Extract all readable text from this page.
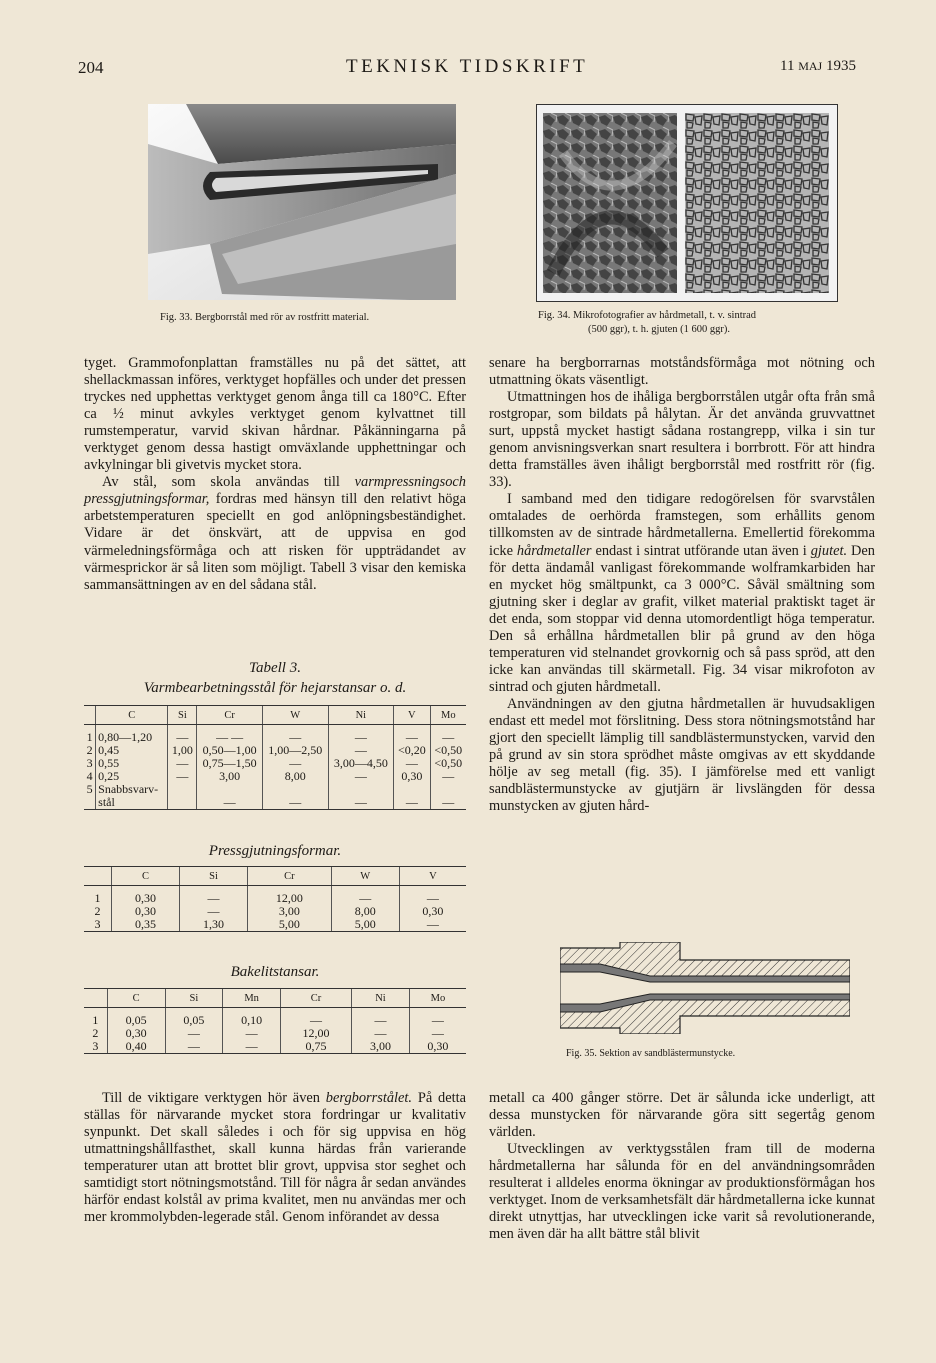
204	TEKNISK TIDSKRIFT	11 MAJ 1935
Fig. 33. Bergborrstål med rör av rostfritt material.	Fig. 34. Mikrofotografier av hårdmetall, t. v. sintrad
(500 ggr), t. h. gjuten (1 600 ggr).

tyget. Grammofonplattan framställes nu på det sättet, att shellackmassan införes, verktyget hopfälles och under det pressen tryckes ned upphettas verktyget genom ånga till ca 180°C. Efter ca ½ minut avkyles verktyget genom kylvattnet till rumstemperatur, varvid skivan hårdnar. Påkänningarna på verktyget genom dessa hastigt omväxlande upphettningar och avkylningar bli givetvis mycket stora.

Av stål, som skola användas till varmpressningsoch pressgjutningsformar, fordras med hänsyn till den relativt höga arbetstemperaturen speciellt en god anlöpningsbeständighet. Vidare är det önskvärt, att de uppvisa en god värmeledningsförmåga och att risken för uppträdandet av värmesprickor är så liten som möjligt. Tabell 3 visar den kemiska sammansättningen av en del sådana stål.

Tabell 3.
Varmbearbetningsstål för hejarstansar o. d.
	C	Si	Cr	W	Ni	V	Mo

1	0,80—1,20	—	— —	—	—	—	—
2	0,45	1,00	0,50—1,00	1,00—2,50	—	<0,20	<0,50
3	0,55	—	0,75—1,50	—	3,00—4,50	—	<0,50
4	0,25	—	3,00	8,00	—	0,30	—
5	Snabbsvarv-						
	stål		—	—	—	—	—
Pressgjutningsformar.
	C	Si	Cr	W	V

1	0,30	—	12,00	—	—
2	0,30	—	3,00	8,00	0,30
3	0,35	1,30	5,00	5,00	—
Bakelitstansar.
	C	Si	Mn	Cr	Ni	Mo

1	0,05	0,05	0,10	—	—	—
2	0,30	—	—	12,00	—	—
3	0,40	—	—	0,75	3,00	0,30

Till de viktigare verktygen hör även bergborrstålet. På detta ställas för närvarande mycket stora fordringar ur kvalitativ synpunkt. Det skall således i och för sig uppvisa en hög utmattningshållfasthet, skall kunna härdas från varierande temperaturer utan att brottet blir grovt, uppvisa stor seghet och samtidigt stort nötningsmotstånd. Till för några år sedan användes härför endast kolstål av prima kvalitet, men nu användas mer och mer krommolybden-legerade stål. Genom införandet av dessa

senare ha bergborrarnas motståndsförmåga mot nötning och utmattning ökats väsentligt.

Utmattningen hos de ihåliga bergborrstålen utgår ofta från små rostgropar, som bildats på hålytan. Är det använda gruvvattnet surt, uppstå mycket hastigt sådana rostangrepp, vilka i sin tur genom anvisningsverkan snart resultera i borrbrott. För att hindra detta framställes även ihåligt bergborrstål med rostfritt rör (fig. 33).

I samband med den tidigare redogörelsen för svarvstålen omtalades de oerhörda framstegen, som erhållits genom tillkomsten av de sintrade hårdmetallerna. Emellertid förekomma icke hårdmetaller endast i sintrat utförande utan även i gjutet. Den för detta ändamål vanligast förekommande wolframkarbiden har en mycket hög smältpunkt, ca 3 000°C. Såväl smältning som gjutning sker i deglar av grafit, vilket material praktiskt taget är det enda, som stoppar vid denna utomordentligt höga temperatur. Den så erhållna hårdmetallen blir på grund av den höga temperaturen vid stelnandet grovkornig och så pass spröd, att den icke kan användas till skärmetall. Fig. 34 visar mikrofoton av sintrad och gjuten hårdmetall.

Användningen av den gjutna hårdmetallen är huvudsakligen endast ett medel mot förslitning. Dess stora nötningsmotstånd har gjort den speciellt lämplig till sandblästermunstycken, varvid den på grund av sin stora sprödhet måste omgivas av ett skyddande hölje av seg metall (fig. 35). I jämförelse med ett vanligt sandblästermunstycke av gjutjärn är livslängden för dessa munstycken av gjuten hård-

Fig. 35. Sektion av sandblästermunstycke.

metall ca 400 gånger större. Det är sålunda icke underligt, att dessa munstycken för närvarande göra sitt segertåg genom världen.

Utvecklingen av verktygsstålen fram till de moderna hårdmetallerna har sålunda för en del användningsområden resulterat i alldeles enorma ökningar av produktionsförmågan hos verktyget. Inom de verksamhetsfält där hårdmetallerna icke kunnat direkt utnyttjas, har utvecklingen icke varit så revolutionerande, men även där ha allt bättre stål blivit
